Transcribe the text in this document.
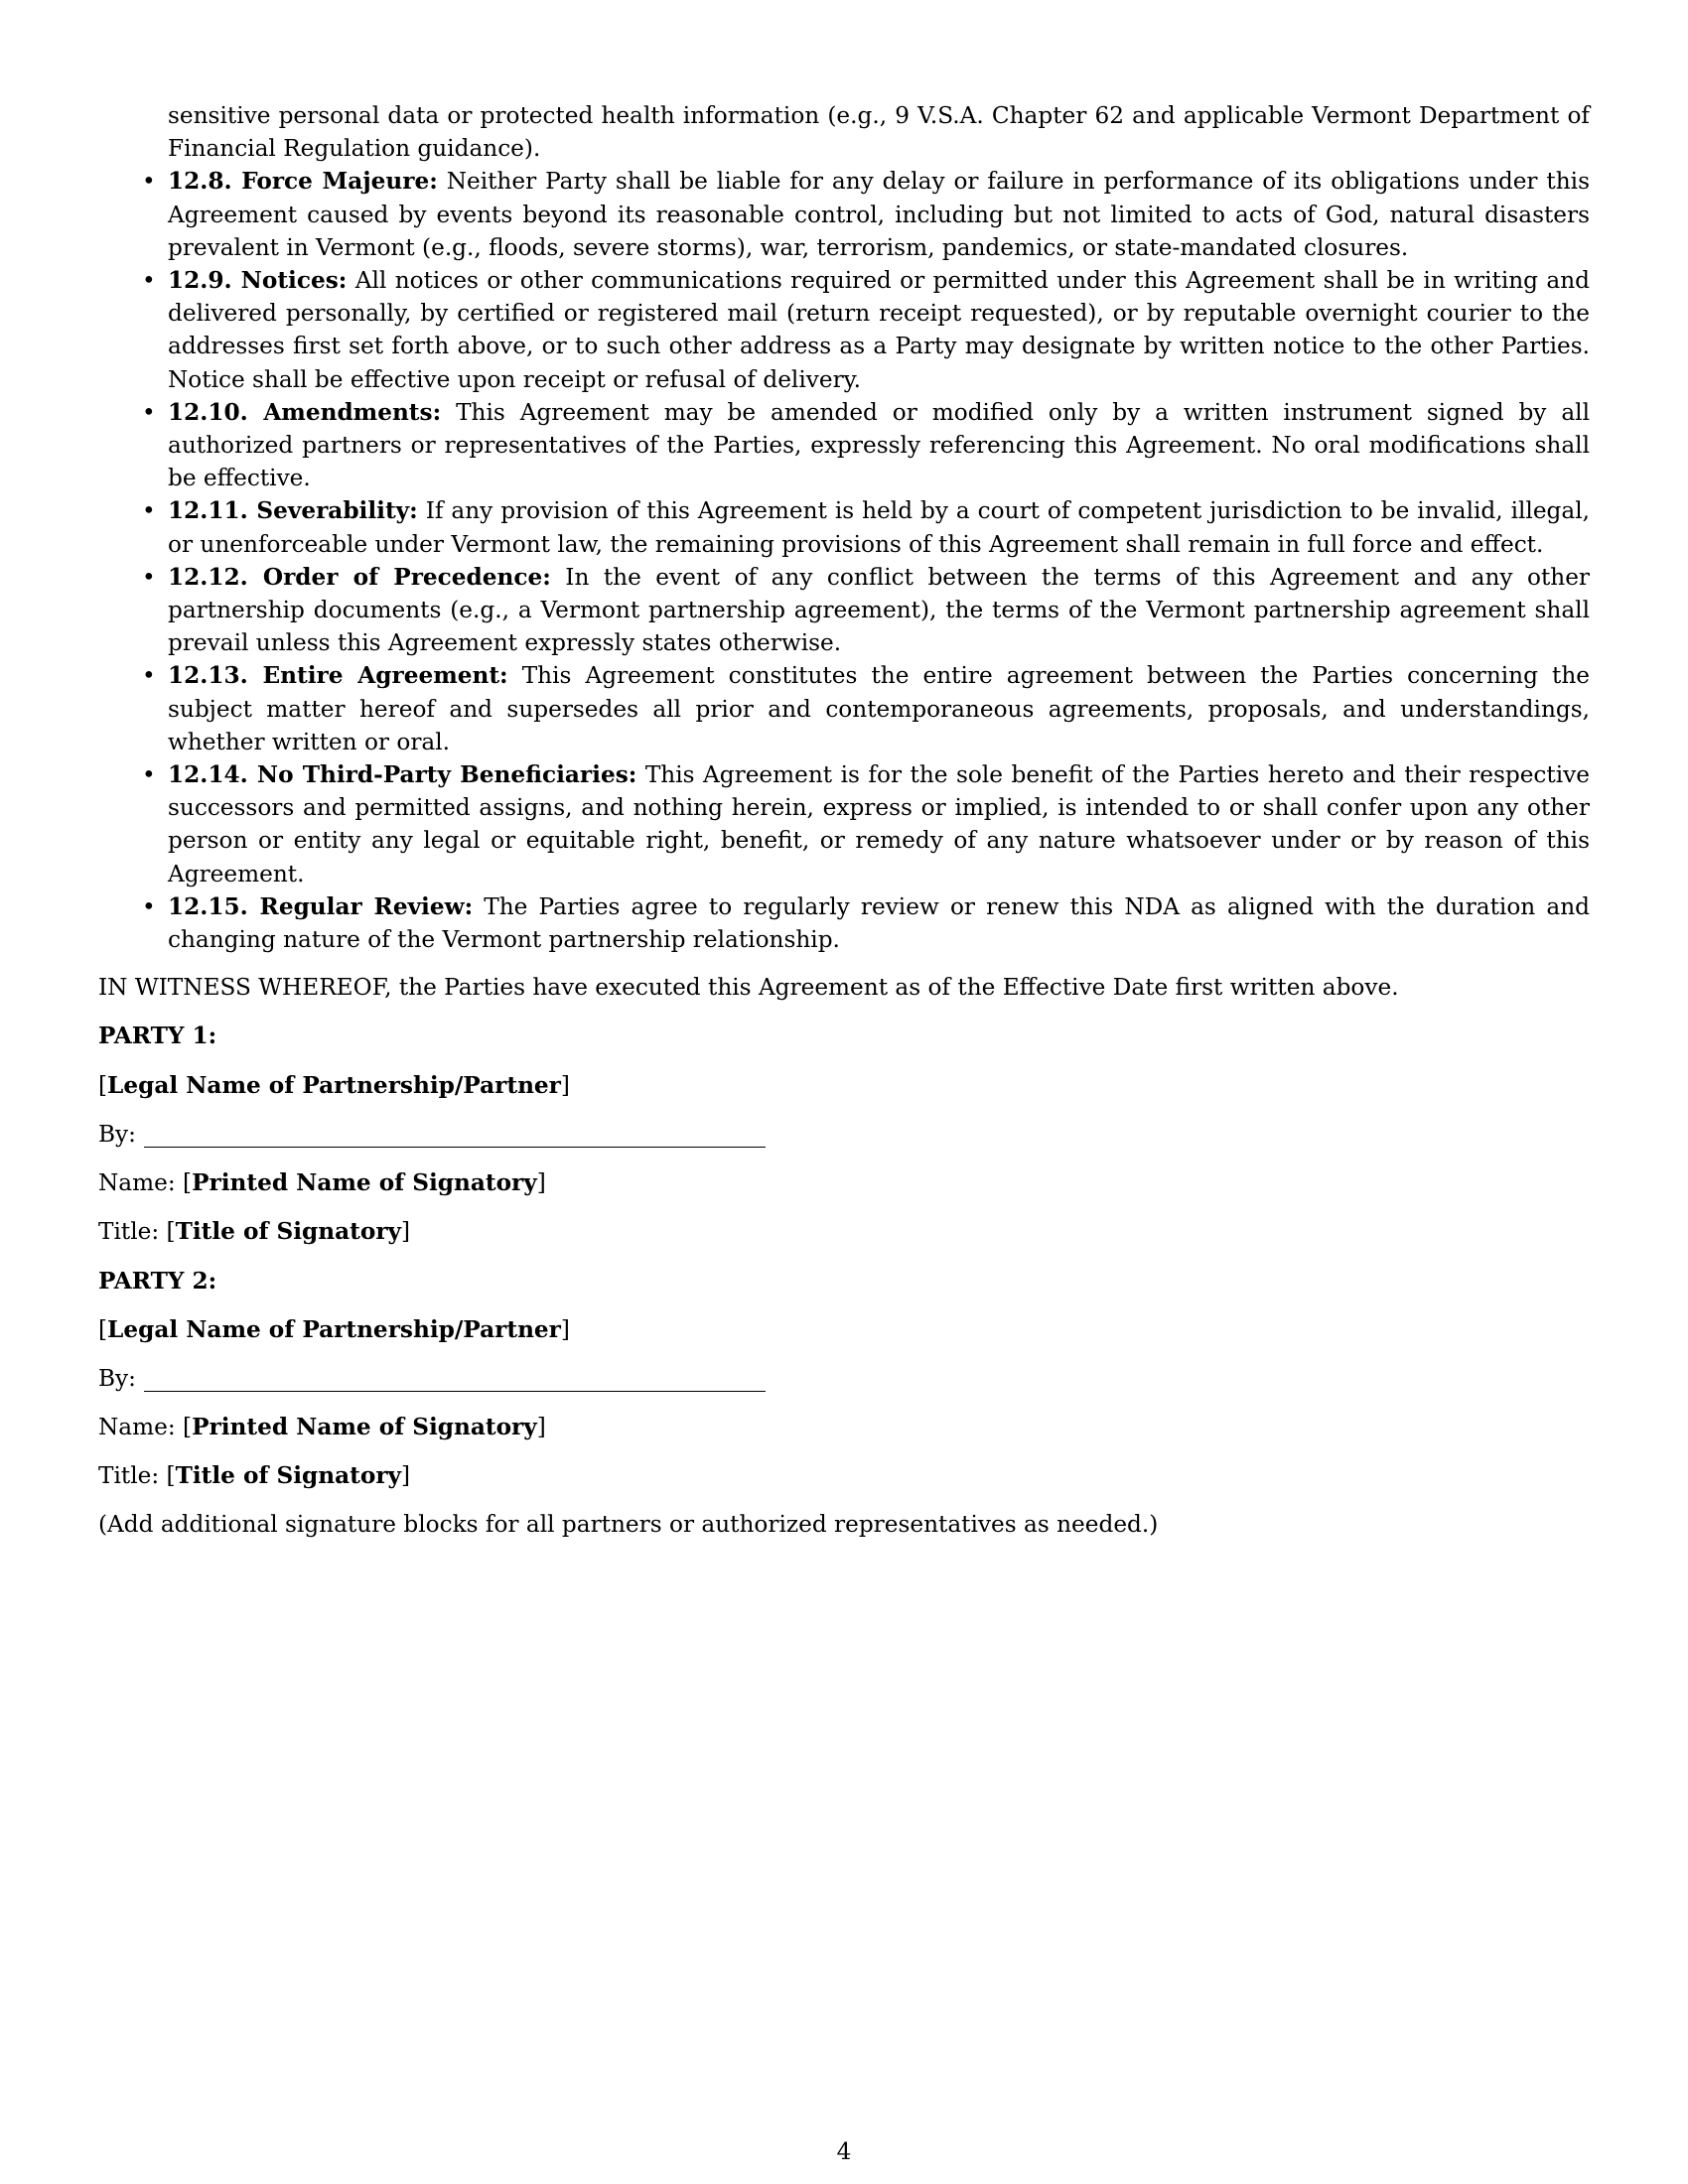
sensitive personal data or protected health information (e.g., 9 V.S.A. Chapter 62 and applicable Vermont Department of Financial Regulation guidance).

• 12.8. Force Majeure: Neither Party shall be liable for any delay or failure in performance of its obligations under this Agreement caused by events beyond its reasonable control, including but not limited to acts of God, natural disasters prevalent in Vermont (e.g., floods, severe storms), war, terrorism, pandemics, or state-mandated closures.
• 12.9. Notices: All notices or other communications required or permitted under this Agreement shall be in writing and delivered personally, by certified or registered mail (return receipt requested), or by reputable overnight courier to the addresses first set forth above, or to such other address as a Party may designate by written notice to the other Parties. Notice shall be effective upon receipt or refusal of delivery.
• 12.10. Amendments: This Agreement may be amended or modified only by a written instrument signed by all authorized partners or representatives of the Parties, expressly referencing this Agreement. No oral modifications shall be effective.
• 12.11. Severability: If any provision of this Agreement is held by a court of competent jurisdiction to be invalid, illegal, or unenforceable under Vermont law, the remaining provisions of this Agreement shall remain in full force and effect.
• 12.12. Order of Precedence: In the event of any conflict between the terms of this Agreement and any other partnership documents (e.g., a Vermont partnership agreement), the terms of the Vermont partnership agreement shall prevail unless this Agreement expressly states otherwise.
• 12.13. Entire Agreement: This Agreement constitutes the entire agreement between the Parties concerning the subject matter hereof and supersedes all prior and contemporaneous agreements, proposals, and understandings, whether written or oral.
• 12.14. No Third-Party Beneficiaries: This Agreement is for the sole benefit of the Parties hereto and their respective successors and permitted assigns, and nothing herein, express or implied, is intended to or shall confer upon any other person or entity any legal or equitable right, benefit, or remedy of any nature whatsoever under or by reason of this Agreement.
• 12.15. Regular Review: The Parties agree to regularly review or renew this NDA as aligned with the duration and changing nature of the Vermont partnership relationship.

IN WITNESS WHEREOF, the Parties have executed this Agreement as of the Effective Date first written above.

PARTY 1:
[Legal Name of Partnership/Partner]
By:
Name: [Printed Name of Signatory]
Title: [Title of Signatory]
PARTY 2:
[Legal Name of Partnership/Partner]
By:
Name: [Printed Name of Signatory]
Title: [Title of Signatory]

(Add additional signature blocks for all partners or authorized representatives as needed.)

4
